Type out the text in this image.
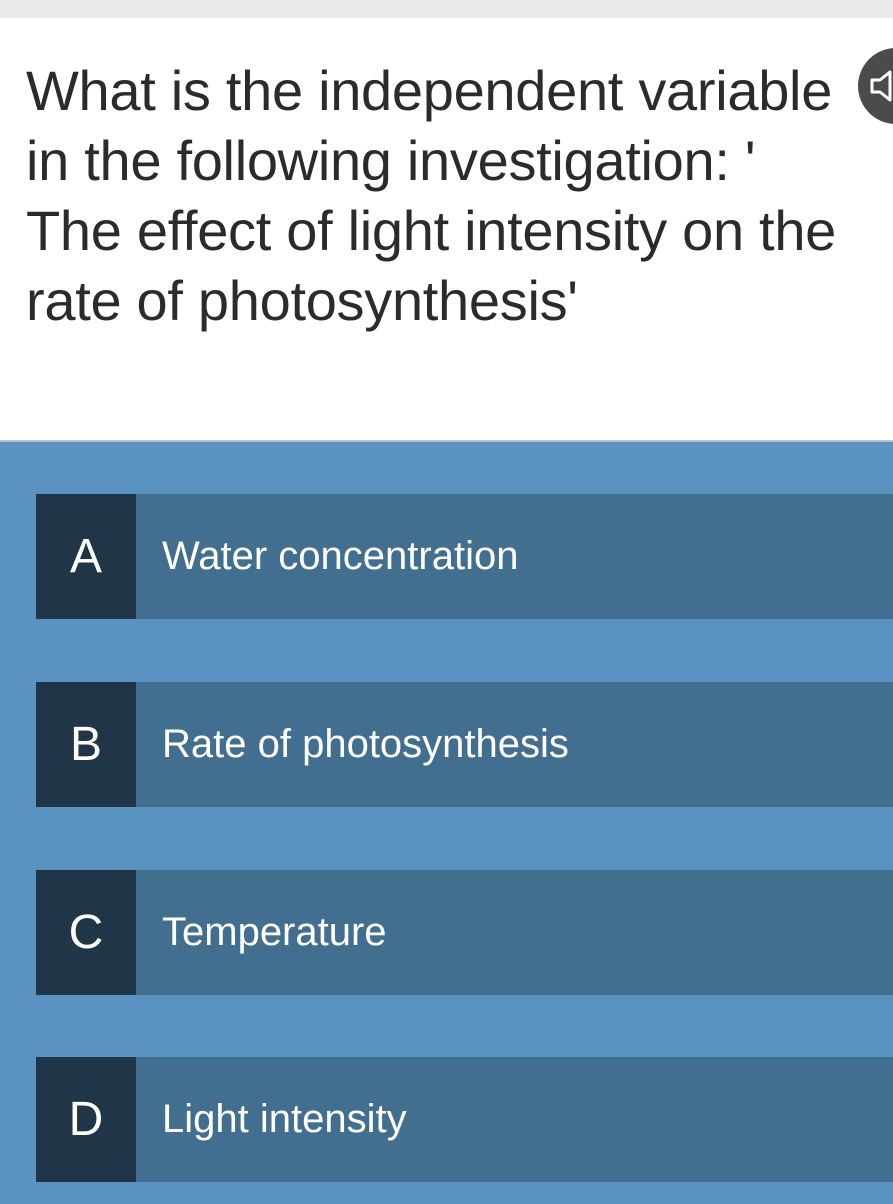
What is the independent variable in the following investigation: ' The effect of light intensity on the rate of photosynthesis'

A	Water concentration
B	Rate of photosynthesis
C	Temperature
D	Light intensity
